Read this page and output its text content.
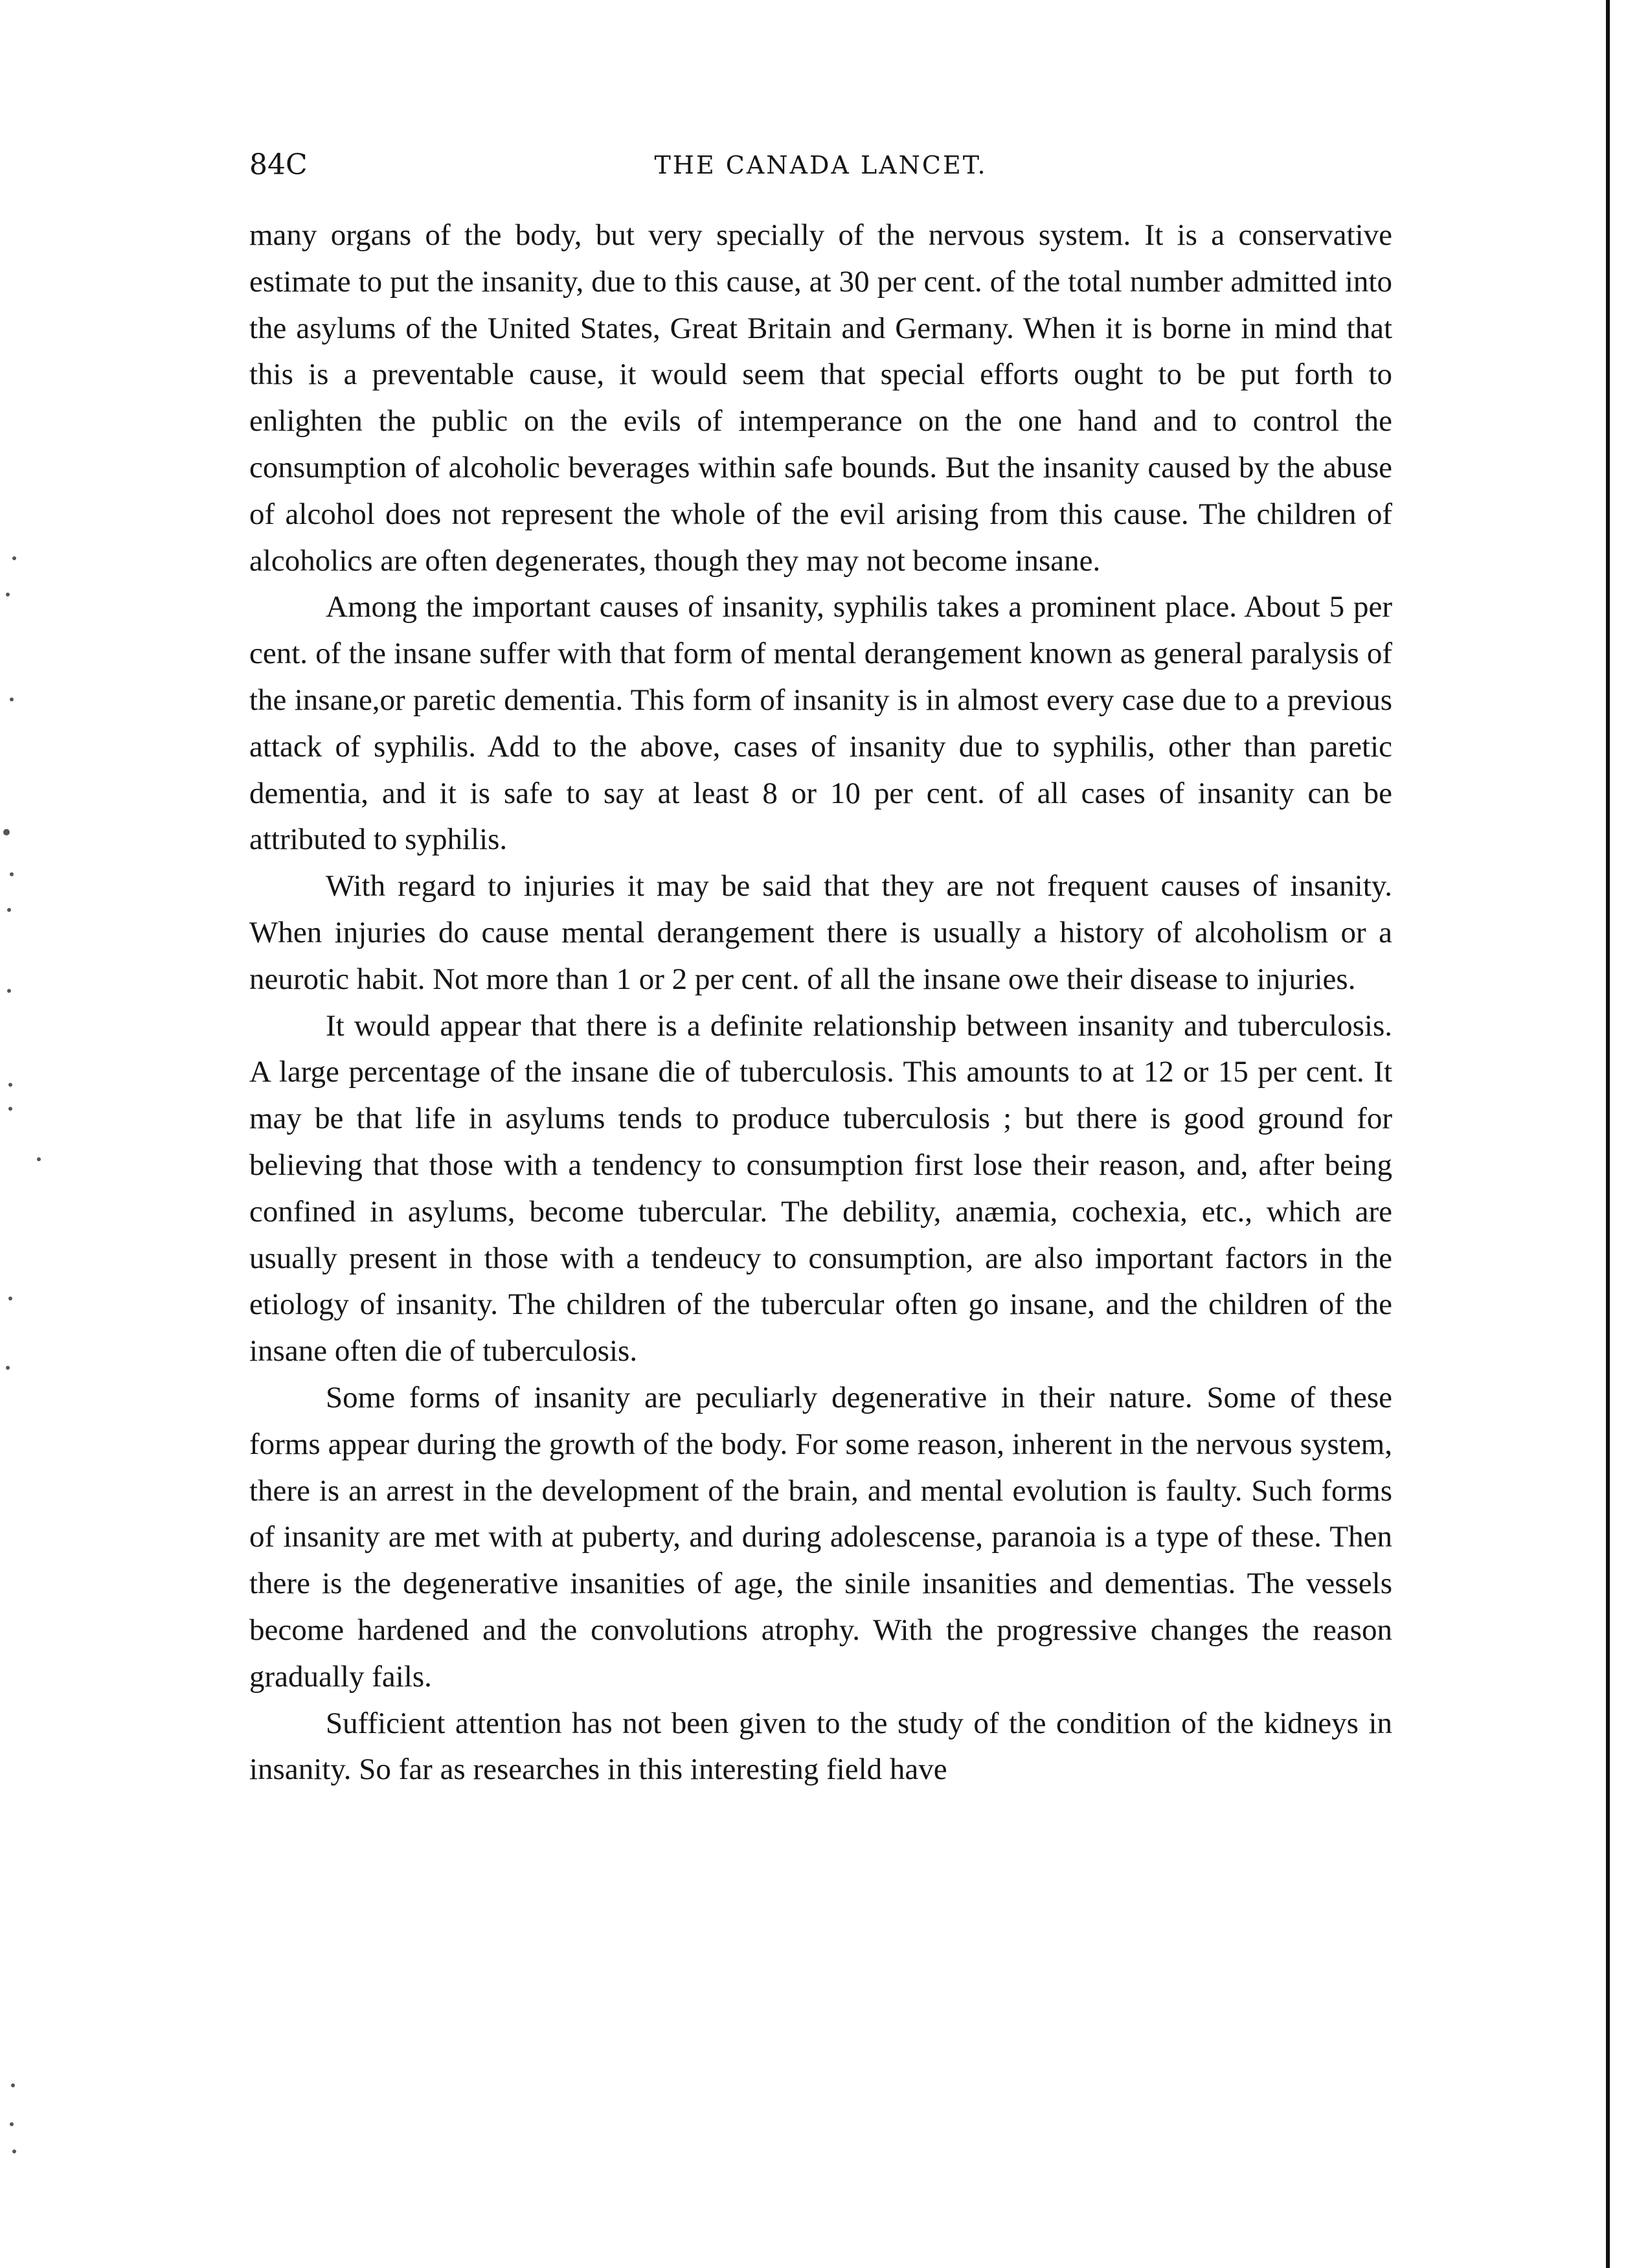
84C	THE CANADA LANCET.

many organs of the body, but very specially of the nervous system. It is a conservative estimate to put the insanity, due to this cause, at 30 per cent. of the total number admitted into the asylums of the United States, Great Britain and Germany. When it is borne in mind that this is a preventable cause, it would seem that special efforts ought to be put forth to enlighten the public on the evils of intemperance on the one hand and to control the consumption of alcoholic beverages within safe bounds. But the insanity caused by the abuse of alcohol does not represent the whole of the evil arising from this cause. The children of alcoholics are often degenerates, though they may not become insane.

Among the important causes of insanity, syphilis takes a prominent place. About 5 per cent. of the insane suffer with that form of mental derangement known as general paralysis of the insane,or paretic dementia. This form of insanity is in almost every case due to a previous attack of syphilis. Add to the above, cases of insanity due to syphilis, other than paretic dementia, and it is safe to say at least 8 or 10 per cent. of all cases of insanity can be attributed to syphilis.

With regard to injuries it may be said that they are not frequent causes of insanity. When injuries do cause mental derangement there is usually a history of alcoholism or a neurotic habit. Not more than 1 or 2 per cent. of all the insane owe their disease to injuries.

It would appear that there is a definite relationship between insanity and tuberculosis. A large percentage of the insane die of tuberculosis. This amounts to at 12 or 15 per cent. It may be that life in asylums tends to produce tuberculosis ; but there is good ground for believing that those with a tendency to consumption first lose their reason, and, after being confined in asylums, become tubercular. The debility, anæmia, cochexia, etc., which are usually present in those with a tendeucy to consumption, are also important factors in the etiology of insanity. The children of the tubercular often go insane, and the children of the insane often die of tuberculosis.

Some forms of insanity are peculiarly degenerative in their nature. Some of these forms appear during the growth of the body. For some reason, inherent in the nervous system, there is an arrest in the development of the brain, and mental evolution is faulty. Such forms of insanity are met with at puberty, and during adolescense, paranoia is a type of these. Then there is the degenerative insanities of age, the sinile insanities and dementias. The vessels become hardened and the convolutions atrophy. With the progressive changes the reason gradually fails.

Sufficient attention has not been given to the study of the condition of the kidneys in insanity. So far as researches in this interesting field have
